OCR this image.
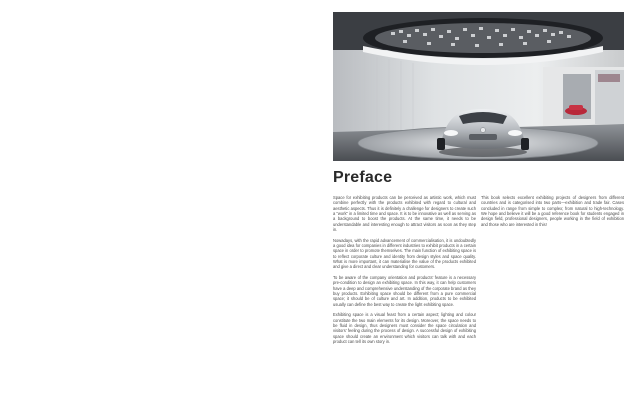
Preface

Space for exhibiting products can be perceived as artistic work, which must combine perfectly with the products exhibited with regard to cultural and aesthetic aspects. Thus it is definitely a challenge for designers to create such a “work” in a limited time and space. It is to be innovative as well as serving as a background to boost the products. At the same time, it needs to be understandable and interesting enough to attract visitors as soon as they step in.

Nowadays, with the rapid advancement of commercialisation, it is undoubtedly a good idea for companies in different industries to exhibit products in a certain space in order to promote themselves. The main function of exhibiting space is to reflect corporate culture and identity from design styles and space quality. What is more important, it can materialise the value of the products exhibited and give a direct and clear understanding for customers.

To be aware of the company orientation and products’ feature is a necessary pre-condition to design an exhibiting space. In this way, it can help customers have a deep and comprehensive understanding of the corporate brand as they buy products. Exhibiting space should be different from a pure commercial space; it should be of culture and art. In addition, products to be exhibited usually can define the best way to create the light exhibiting space.

Exhibiting space is a visual feast from a certain aspect; lighting and colour constitute the two main elements for its design. Moreover, the space needs to be fluid in design, thus designers must consider the space circulation and visitors’ feeling during the process of design. A successful design of exhibiting space should create an environment which visitors can talk with and each product can tell its own story in.

This book selects excellent exhibiting projects of designers from different countries and is categorised into two parts—exhibition and trade fair. Cases concluded in range from simple to complex; from natural to high-technology. We hope and believe it will be a good reference book for students engaged in design field, professional designers, people working in the field of exhibition and those who are interested in this!
